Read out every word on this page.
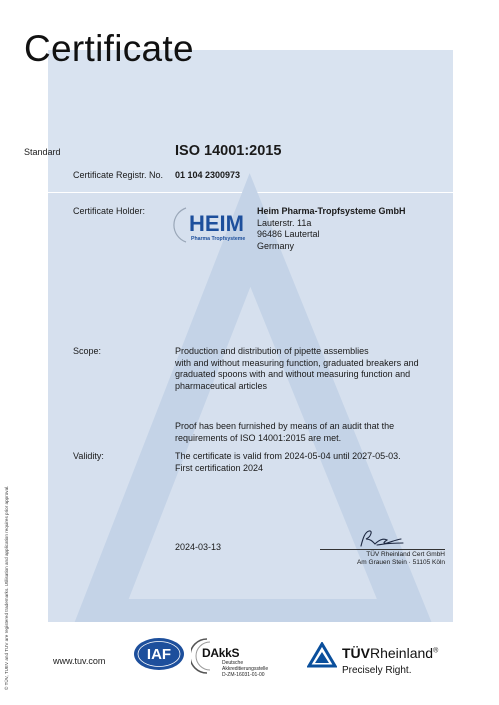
© TÜV, TUEV and TUV are registered trademarks. Utilisation and application requires prior approval.
Certificate
Standard	ISO 14001:2015
Certificate Registr. No. 01 104 2300973
Certificate Holder: HEIM
Pharma Tropfsysteme
Heim Pharma-Tropfsysteme GmbH
Lauterstr. 11a
96486 Lautertal
Germany
Scope:	Production and distribution of pipette assemblies
with and without measuring function, graduated breakers and
graduated spoons with and without measuring function and
pharmaceutical articles
Proof has been furnished by means of an audit that the
requirements of ISO 14001:2015 are met.
Validity:	The certificate is valid from 2024-05-04 until 2027-05-03.
First certification 2024
2024-03-13
TÜV Rheinland Cert GmbH
Am Grauen Stein · 51105 Köln
www.tuv.com	IAF	DAkkS
Deutsche
Akkreditierungsstelle
D-ZM-16031-01-00
TÜVRheinland®
Precisely Right.
